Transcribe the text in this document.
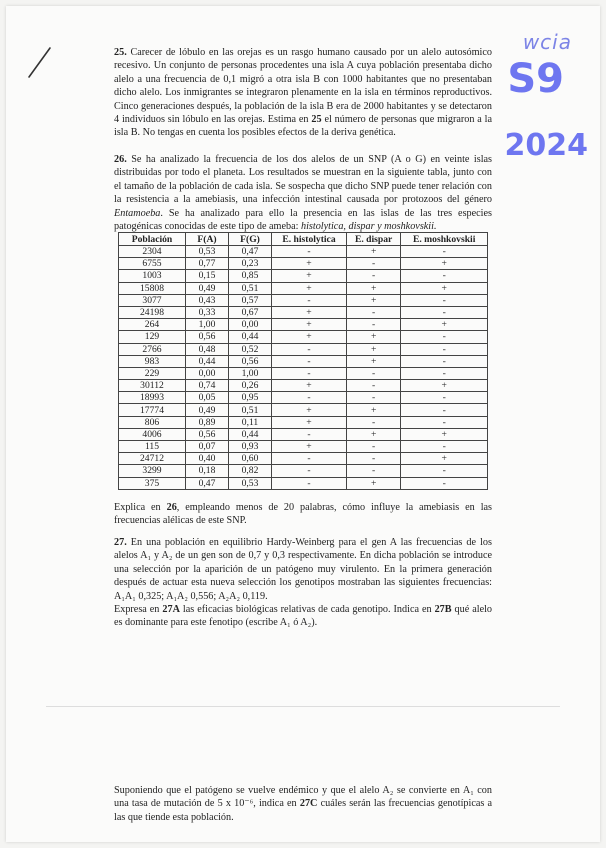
wcia
S9
2024

25. Carecer de lóbulo en las orejas es un rasgo humano causado por un alelo autosómico recesivo. Un conjunto de personas procedentes una isla A cuya población presentaba dicho alelo a una frecuencia de 0,1 migró a otra isla B con 1000 habitantes que no presentaban dicho alelo. Los inmigrantes se integraron plenamente en la isla en términos reproductivos. Cinco generaciones después, la población de la isla B era de 2000 habitantes y se detectaron 4 individuos sin lóbulo en las orejas. Estima en 25 el número de personas que migraron a la isla B. No tengas en cuenta los posibles efectos de la deriva genética.

26. Se ha analizado la frecuencia de los dos alelos de un SNP (A o G) en veinte islas distribuidas por todo el planeta. Los resultados se muestran en la siguiente tabla, junto con el tamaño de la población de cada isla. Se sospecha que dicho SNP puede tener relación con la resistencia a la amebiasis, una infección intestinal causada por protozoos del género Entamoeba. Se ha analizado para ello la presencia en las islas de las tres especies patogénicas conocidas de este tipo de ameba: histolytica, dispar y moshkovskii.

Población	F(A)	F(G)	E. histolytica	E. dispar	E. moshkovskii
2304	0,53	0,47	-	+	-
6755	0,77	0,23	+	-	+
1003	0,15	0,85	+	-	-
15808	0,49	0,51	+	+	+
3077	0,43	0,57	-	+	-
24198	0,33	0,67	+	-	-
264	1,00	0,00	+	-	+
129	0,56	0,44	+	+	-
2766	0,48	0,52	-	+	-
983	0,44	0,56	-	+	-
229	0,00	1,00	-	-	-
30112	0,74	0,26	+	-	+
18993	0,05	0,95	-	-	-
17774	0,49	0,51	+	+	-
806	0,89	0,11	+	-	-
4006	0,56	0,44	-	+	+
115	0,07	0,93	+	-	-
24712	0,40	0,60	-	-	+
3299	0,18	0,82	-	-	-
375	0,47	0,53	-	+	-

Explica en 26, empleando menos de 20 palabras, cómo influye la amebiasis en las frecuencias alélicas de este SNP.

27. En una población en equilibrio Hardy-Weinberg para el gen A las frecuencias de los alelos A₁ y A₂ de un gen son de 0,7 y 0,3 respectivamente. En dicha población se introduce una selección por la aparición de un patógeno muy virulento. En la primera generación después de actuar esta nueva selección los genotipos mostraban las siguientes frecuencias: A₁A₁ 0,325; A₁A₂ 0,556; A₂A₂ 0,119.

Expresa en 27A las eficacias biológicas relativas de cada genotipo. Indica en 27B qué alelo es dominante para este fenotipo (escribe A₁ ó A₂).

Suponiendo que el patógeno se vuelve endémico y que el alelo A₂ se convierte en A₁ con una tasa de mutación de 5 x 10⁻⁶, indica en 27C cuáles serán las frecuencias genotípicas a las que tiende esta población.
